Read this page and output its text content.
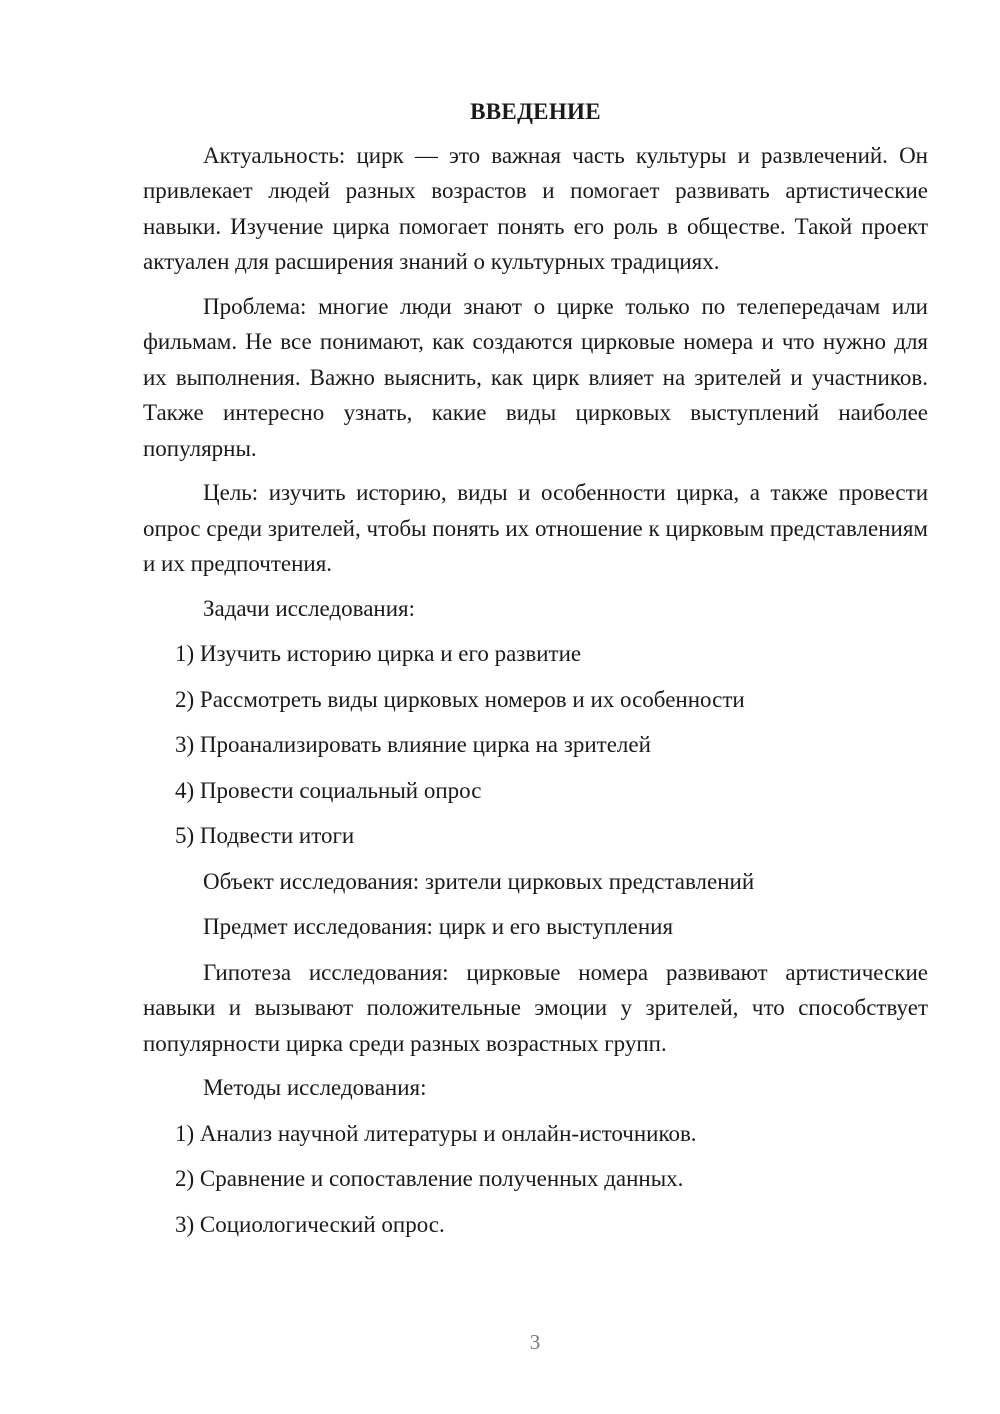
ВВЕДЕНИЕ

Актуальность: цирк — это важная часть культуры и развлечений. Он привлекает людей разных возрастов и помогает развивать артистические навыки. Изучение цирка помогает понять его роль в обществе. Такой проект актуален для расширения знаний о культурных традициях.

Проблема: многие люди знают о цирке только по телепередачам или фильмам. Не все понимают, как создаются цирковые номера и что нужно для их выполнения. Важно выяснить, как цирк влияет на зрителей и участников. Также интересно узнать, какие виды цирковых выступлений наиболее популярны.

Цель: изучить историю, виды и особенности цирка, а также провести опрос среди зрителей, чтобы понять их отношение к цирковым представлениям и их предпочтения.

Задачи исследования:

1) Изучить историю цирка и его развитие

2) Рассмотреть виды цирковых номеров и их особенности

3) Проанализировать влияние цирка на зрителей

4) Провести социальный опрос

5) Подвести итоги

Объект исследования: зрители цирковых представлений

Предмет исследования: цирк и его выступления

Гипотеза исследования: цирковые номера развивают артистические навыки и вызывают положительные эмоции у зрителей, что способствует популярности цирка среди разных возрастных групп.

Методы исследования:

1) Анализ научной литературы и онлайн-источников.

2) Сравнение и сопоставление полученных данных.

3) Социологический опрос.

3
